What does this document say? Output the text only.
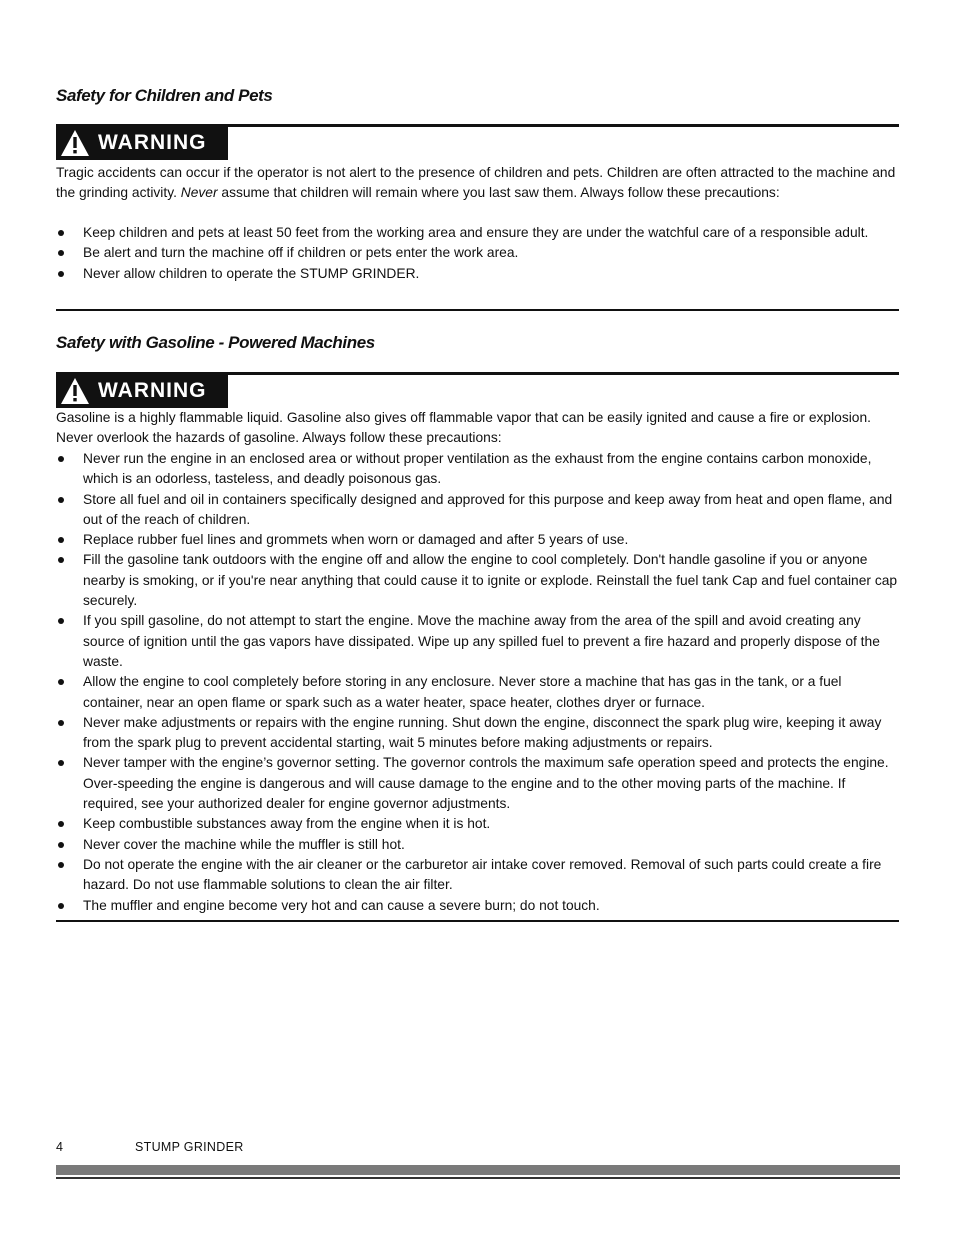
Safety for Children and Pets
WARNING

Tragic accidents can occur if the operator is not alert to the presence of children and pets. Children are often attracted to the machine and the grinding activity. Never assume that children will remain where you last saw them. Always follow these precautions:

Keep children and pets at least 50 feet from the working area and ensure they are under the watchful care of a responsible adult.
Be alert and turn the machine off if children or pets enter the work area.
Never allow children to operate the STUMP GRINDER.
Safety with Gasoline - Powered Machines
WARNING

Gasoline is a highly flammable liquid. Gasoline also gives off flammable vapor that can be easily ignited and cause a fire or explosion. Never overlook the hazards of gasoline. Always follow these precautions:

Never run the engine in an enclosed area or without proper ventilation as the exhaust from the engine contains carbon monoxide, which is an odorless, tasteless, and deadly poisonous gas.
Store all fuel and oil in containers specifically designed and approved for this purpose and keep away from heat and open flame, and out of the reach of children.
Replace rubber fuel lines and grommets when worn or damaged and after 5 years of use.
Fill the gasoline tank outdoors with the engine off and allow the engine to cool completely. Don't handle gasoline if you or anyone nearby is smoking, or if you're near anything that could cause it to ignite or explode. Reinstall the fuel tank Cap and fuel container cap securely.
If you spill gasoline, do not attempt to start the engine. Move the machine away from the area of the spill and avoid creating any source of ignition until the gas vapors have dissipated. Wipe up any spilled fuel to prevent a fire hazard and properly dispose of the waste.
Allow the engine to cool completely before storing in any enclosure. Never store a machine that has gas in the tank, or a fuel container, near an open flame or spark such as a water heater, space heater, clothes dryer or furnace.
Never make adjustments or repairs with the engine running. Shut down the engine, disconnect the spark plug wire, keeping it away from the spark plug to prevent accidental starting, wait 5 minutes before making adjustments or repairs.
Never tamper with the engine’s governor setting. The governor controls the maximum safe operation speed and protects the engine. Over-speeding the engine is dangerous and will cause damage to the engine and to the other moving parts of the machine. If required, see your authorized dealer for engine governor adjustments.
Keep combustible substances away from the engine when it is hot.
Never cover the machine while the muffler is still hot.
Do not operate the engine with the air cleaner or the carburetor air intake cover removed. Removal of such parts could create a fire hazard. Do not use flammable solutions to clean the air filter.
The muffler and engine become very hot and can cause a severe burn; do not touch.

4	STUMP GRINDER
